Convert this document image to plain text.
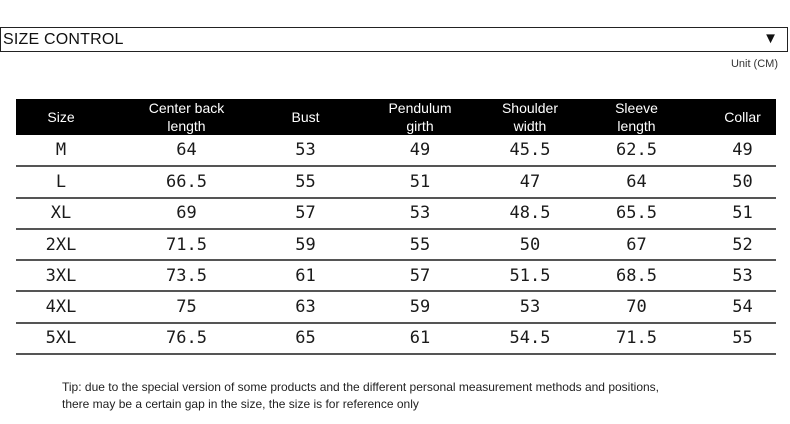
SIZE CONTROL	▼
Unit (CM)
Size	Center back length	Bust	Pendulum girth	Shoulder width	Sleeve length	Collar
M	64	53	49	45.5	62.5	49
L	66.5	55	51	47	64	50
XL	69	57	53	48.5	65.5	51
2XL	71.5	59	55	50	67	52
3XL	73.5	61	57	51.5	68.5	53
4XL	75	63	59	53	70	54
5XL	76.5	65	61	54.5	71.5	55
Tip: due to the special version of some products and the different personal measurement methods and positions,
there may be a certain gap in the size, the size is for reference only
